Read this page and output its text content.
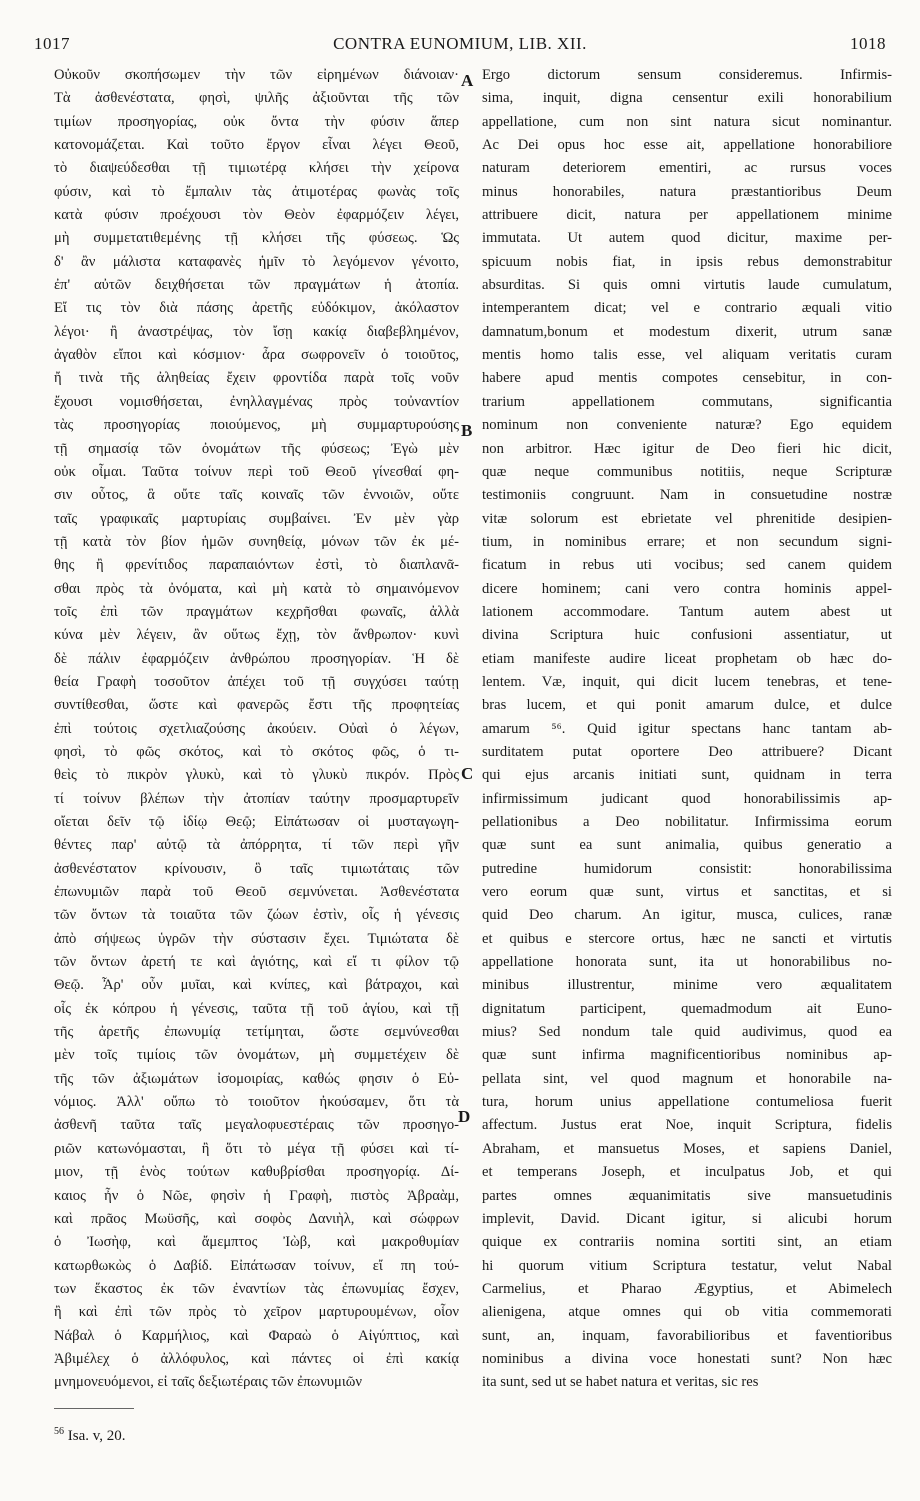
1017	CONTRA EUNOMIUM, LIB. XII.	1018
Οὐκοῦν σκοπήσωμεν τὴν τῶν εἰρημένων διάνοιαν·
Τὰ ἀσθενέστατα, φησὶ, ψιλῆς ἀξιοῦνται τῆς τῶν
τιμίων προσηγορίας, οὐκ ὄντα τὴν φύσιν ἅπερ
κατονομάζεται. Καὶ τοῦτο ἔργον εἶναι λέγει Θεοῦ,
τὸ διαψεύδεσθαι τῇ τιμιωτέρᾳ κλήσει τὴν χείρονα
φύσιν, καὶ τὸ ἔμπαλιν τὰς ἀτιμοτέρας φωνὰς τοῖς
κατὰ φύσιν προέχουσι τὸν Θεὸν ἐφαρμόζειν λέγει,
μὴ συμμετατιθεμένης τῇ κλήσει τῆς φύσεως. Ὡς
δ' ἂν μάλιστα καταφανὲς ἡμῖν τὸ λεγόμενον γένοιτο,
ἐπ' αὐτῶν δειχθήσεται τῶν πραγμάτων ἡ ἀτοπία.
Εἴ τις τὸν διὰ πάσης ἀρετῆς εὐδόκιμον, ἀκόλαστον
λέγοι· ἢ ἀναστρέψας, τὸν ἴσῃ κακίᾳ διαβεβλημένον,
ἀγαθὸν εἴποι καὶ κόσμιον· ἆρα σωφρονεῖν ὁ τοιοῦτος,
ἤ τινὰ τῆς ἀληθείας ἔχειν φροντίδα παρὰ τοῖς νοῦν
ἔχουσι νομισθήσεται, ἐνηλλαγμένας πρὸς τοὐναντίον
τὰς προσηγορίας ποιούμενος, μὴ συμμαρτυρούσης
τῇ σημασίᾳ τῶν ὀνομάτων τῆς φύσεως; Ἐγὼ μὲν
οὐκ οἶμαι. Ταῦτα τοίνυν περὶ τοῦ Θεοῦ γίνεσθαί φη-
σιν οὗτος, ἃ οὔτε ταῖς κοιναῖς τῶν ἐννοιῶν, οὔτε
ταῖς γραφικαῖς μαρτυρίαις συμβαίνει. Ἐν μὲν γὰρ
τῇ κατὰ τὸν βίον ἡμῶν συνηθείᾳ, μόνων τῶν ἐκ μέ-
θης ἢ φρενίτιδος παραπαιόντων ἐστὶ, τὸ διαπλανᾶ-
σθαι πρὸς τὰ ὀνόματα, καὶ μὴ κατὰ τὸ σημαινόμενον
τοῖς ἐπὶ τῶν πραγμάτων κεχρῆσθαι φωναῖς, ἀλλὰ
κύνα μὲν λέγειν, ἂν οὕτως ἔχῃ, τὸν ἄνθρωπον· κυνὶ
δὲ πάλιν ἐφαρμόζειν ἀνθρώπου προσηγορίαν. Ἡ δὲ
θεία Γραφὴ τοσοῦτον ἀπέχει τοῦ τῇ συγχύσει ταύτῃ
συντίθεσθαι, ὥστε καὶ φανερῶς ἔστι τῆς προφητείας
ἐπὶ τούτοις σχετλιαζούσης ἀκούειν. Οὐαὶ ὁ λέγων,
φησὶ, τὸ φῶς σκότος, καὶ τὸ σκότος φῶς, ὁ τι-
θεὶς τὸ πικρὸν γλυκὺ, καὶ τὸ γλυκὺ πικρόν. Πρὸς
τί τοίνυν βλέπων τὴν ἀτοπίαν ταύτην προσμαρτυρεῖν
οἴεται δεῖν τῷ ἰδίῳ Θεῷ; Εἰπάτωσαν οἱ μυσταγωγη-
θέντες παρ' αὐτῷ τὰ ἀπόρρητα, τί τῶν περὶ γῆν
ἀσθενέστατον κρίνουσιν, ὃ ταῖς τιμιωτάταις τῶν
ἐπωνυμιῶν παρὰ τοῦ Θεοῦ σεμνύνεται. Ἀσθενέστατα
τῶν ὄντων τὰ τοιαῦτα τῶν ζώων ἐστὶν, οἷς ἡ γένεσις
ἀπὸ σήψεως ὑγρῶν τὴν σύστασιν ἔχει. Τιμιώτατα δὲ
τῶν ὄντων ἀρετή τε καὶ ἁγιότης, καὶ εἴ τι φίλον τῷ
Θεῷ. Ἆρ' οὖν μυῖαι, καὶ κνίπες, καὶ βάτραχοι, καὶ
οἷς ἐκ κόπρου ἡ γένεσις, ταῦτα τῇ τοῦ ἁγίου, καὶ τῇ
τῆς ἀρετῆς ἐπωνυμίᾳ τετίμηται, ὥστε σεμνύνεσθαι
μὲν τοῖς τιμίοις τῶν ὀνομάτων, μὴ συμμετέχειν δὲ
τῆς τῶν ἀξιωμάτων ἰσομοιρίας, καθώς φησιν ὁ Εὐ-
νόμιος. Ἀλλ' οὔπω τὸ τοιοῦτον ἠκούσαμεν, ὅτι τὰ
ἀσθενῆ ταῦτα ταῖς μεγαλοφυεστέραις τῶν προσηγο-
ριῶν κατωνόμασται, ἢ ὅτι τὸ μέγα τῇ φύσει καὶ τί-
μιον, τῇ ἑνὸς τούτων καθυβρίσθαι προσηγορίᾳ. Δί-
καιος ἦν ὁ Νῶε, φησὶν ἡ Γραφὴ, πιστὸς Ἀβραὰμ,
καὶ πρᾶος Μωϋσῆς, καὶ σοφὸς Δανιὴλ, καὶ σώφρων
ὁ Ἰωσὴφ, καὶ ἄμεμπτος Ἰὼβ, καὶ μακροθυμίαν
κατωρθωκὼς ὁ Δαβίδ. Εἰπάτωσαν τοίνυν, εἴ πη τού-
των ἕκαστος ἐκ τῶν ἐναντίων τὰς ἐπωνυμίας ἔσχεν,
ἢ καὶ ἐπὶ τῶν πρὸς τὸ χεῖρον μαρτυρουμένων, οἷον
Νάβαλ ὁ Καρμήλιος, καὶ Φαραὼ ὁ Αἰγύπτιος, καὶ
Ἀβιμέλεχ ὁ ἀλλόφυλος, καὶ πάντες οἱ ἐπὶ κακίᾳ
μνημονευόμενοι, εἰ ταῖς δεξιωτέραις τῶν ἐπωνυμιῶν
Ergo dictorum sensum consideremus. Infirmis-
sima, inquit, digna censentur exili honorabilium
appellatione, cum non sint natura sicut nominantur.
Ac Dei opus hoc esse ait, appellatione honorabiliore
naturam deteriorem ementiri, ac rursus voces
minus honorabiles, natura præstantioribus Deum
attribuere dicit, natura per appellationem minime
immutata. Ut autem quod dicitur, maxime per-
spicuum nobis fiat, in ipsis rebus demonstrabitur
absurditas. Si quis omni virtutis laude cumulatum,
intemperantem dicat; vel e contrario æquali vitio
damnatum,bonum et modestum dixerit, utrum sanæ
mentis homo talis esse, vel aliquam veritatis curam
habere apud mentis compotes censebitur, in con-
trarium appellationem commutans, significantia
nominum non conveniente naturæ? Ego equidem
non arbitror. Hæc igitur de Deo fieri hic dicit,
quæ neque communibus notitiis, neque Scripturæ
testimoniis congruunt. Nam in consuetudine nostræ
vitæ solorum est ebrietate vel phrenitide desipien-
tium, in nominibus errare; et non secundum signi-
ficatum in rebus uti vocibus; sed canem quidem
dicere hominem; cani vero contra hominis appel-
lationem accommodare. Tantum autem abest ut
divina Scriptura huic confusioni assentiatur, ut
etiam manifeste audire liceat prophetam ob hæc do-
lentem. Væ, inquit, qui dicit lucem tenebras, et tene-
bras lucem, et qui ponit amarum dulce, et dulce
amarum ⁵⁶. Quid igitur spectans hanc tantam ab-
surditatem putat oportere Deo attribuere? Dicant
qui ejus arcanis initiati sunt, quidnam in terra
infirmissimum judicant quod honorabilissimis ap-
pellationibus a Deo nobilitatur. Infirmissima eorum
quæ sunt ea sunt animalia, quibus generatio a
putredine humidorum consistit: honorabilissima
vero eorum quæ sunt, virtus et sanctitas, et si
quid Deo charum. An igitur, musca, culices, ranæ
et quibus e stercore ortus, hæc ne sancti et virtutis
appellatione honorata sunt, ita ut honorabilibus no-
minibus illustrentur, minime vero æqualitatem
dignitatum participent, quemadmodum ait Euno-
mius? Sed nondum tale quid audivimus, quod ea
quæ sunt infirma magnificentioribus nominibus ap-
pellata sint, vel quod magnum et honorabile na-
tura, horum unius appellatione contumeliosa fuerit
affectum. Justus erat Noe, inquit Scriptura, fidelis
Abraham, et mansuetus Moses, et sapiens Daniel,
et temperans Joseph, et inculpatus Job, et qui
partes omnes æquanimitatis sive mansuetudinis
implevit, David. Dicant igitur, si alicubi horum
quique ex contrariis nomina sortiti sint, an etiam
hi quorum vitium Scriptura testatur, velut Nabal
Carmelius, et Pharao Ægyptius, et Abimelech
alienigena, atque omnes qui ob vitia commemorati
sunt, an, inquam, favorabilioribus et faventioribus
nominibus a divina voce honestati sunt? Non hæc
ita sunt, sed ut se habet natura et veritas, sic res
A
B
C
D
$^{56}$ Isa. v, 20.
